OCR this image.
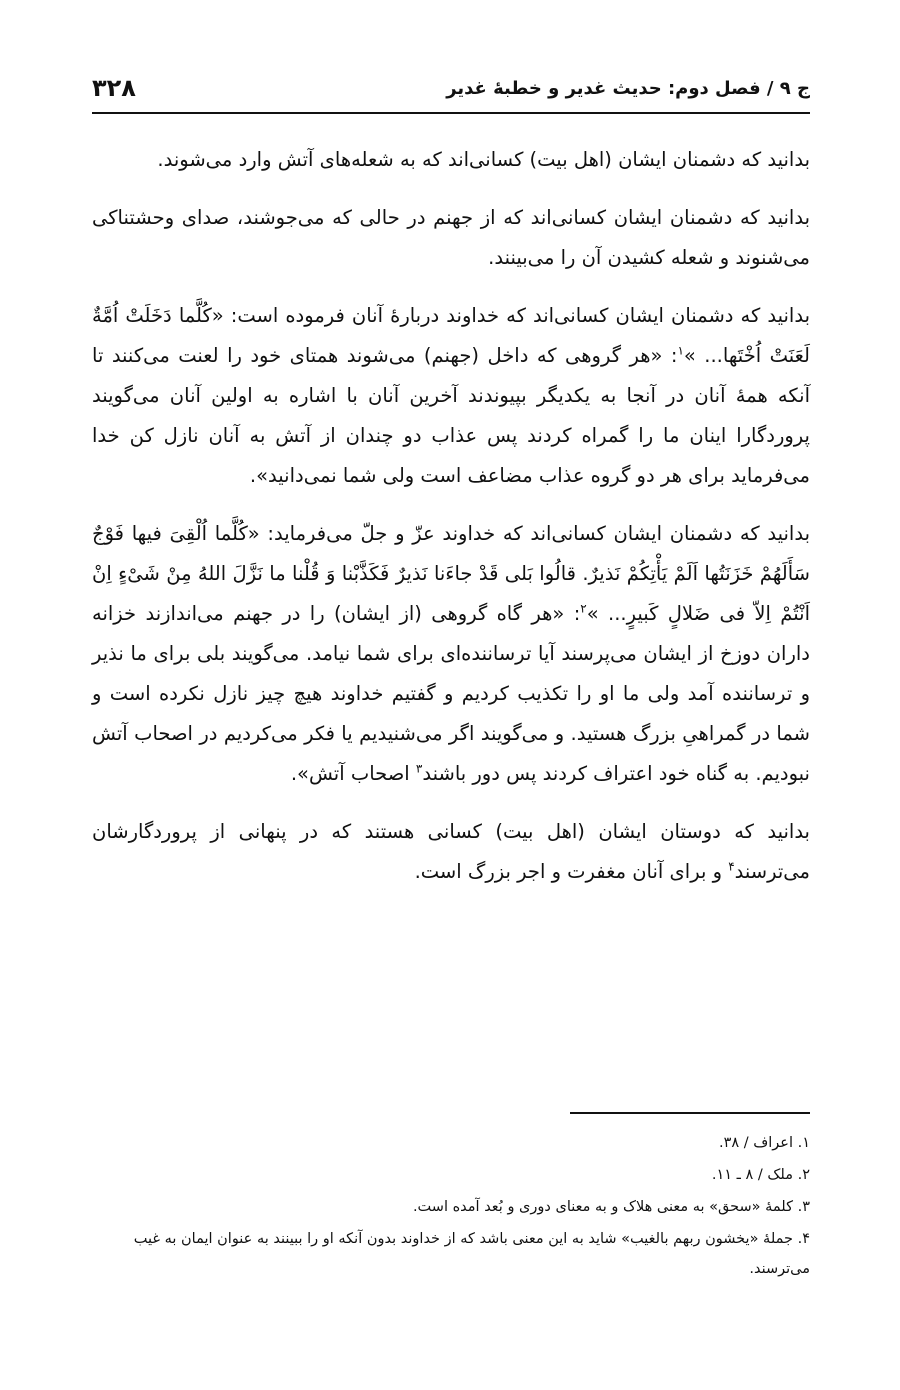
۳۲۸	ج ۹ / فصل دوم: حدیث غدیر و خطبهٔ غدیر

بدانید که دشمنان ایشان (اهل بیت) کسانی‌اند که به شعله‌های آتش وارد می‌شوند.

بدانید که دشمنان ایشان کسانی‌اند که از جهنم در حالی که می‌جوشند، صدای وحشتناکی می‌شنوند و شعله کشیدن آن را می‌بینند.

بدانید که دشمنان ایشان کسانی‌اند که خداوند دربارهٔ آنان فرموده است: «کُلَّما دَخَلَتْ اُمَّةٌ لَعَنَتْ اُخْتَها... »$^۱$: «هر گروهی که داخل (جهنم) می‌شوند همتای خود را لعنت می‌کنند تا آنکه همهٔ آنان در آنجا به یکدیگر بپیوندند آخرین آنان با اشاره به اولین آنان می‌گویند پروردگارا اینان ما را گمراه کردند پس عذاب دو چندان از آتش به آنان نازل کن خدا می‌فرماید برای هر دو گروه عذاب مضاعف است ولی شما نمی‌دانید».

بدانید که دشمنان ایشان کسانی‌اند که خداوند عزّ و جلّ می‌فرماید: «کُلَّما اُلْقِیَ فیها فَوْجٌ سَأَلَهُمْ خَزَنَتُها اَلَمْ یَأْتِکُمْ نَذیرٌ. قالُوا بَلی قَدْ جاءَنا نَذیرٌ فَکَذَّبْنا وَ قُلْنا ما نَزَّلَ اللهُ مِنْ شَیْءٍ اِنْ اَنْتُمْ اِلاّ فی ضَلالٍ کَبیرٍ... »$^۲$: «هر گاه گروهی (از ایشان) را در جهنم می‌اندازند خزانه داران دوزخ از ایشان می‌پرسند آیا ترساننده‌ای برای شما نیامد. می‌گویند بلی برای ما نذیر و ترساننده آمد ولی ما او را تکذیب کردیم و گفتیم خداوند هیچ چیز نازل نکرده است و شما در گمراهیِ بزرگ هستید. و می‌گویند اگر می‌شنیدیم یا فکر می‌کردیم در اصحاب آتش نبودیم. به گناه خود اعتراف کردند پس دور باشند$^۳$ اصحاب آتش».

بدانید که دوستان ایشان (اهل بیت) کسانی هستند که در پنهانی از پروردگارشان می‌ترسند$^۴$ و برای آنان مغفرت و اجر بزرگ است.

۱. اعراف / ۳۸.
۲. ملک / ۸ ـ ۱۱.
۳. کلمهٔ «سحق» به معنی هلاک و به معنای دوری و بُعد آمده است.
۴. جملهٔ «یخشون ربهم بالغیب» شاید به این معنی باشد که از خداوند بدون آنکه او را ببینند به عنوان ایمان به غیب می‌ترسند.
